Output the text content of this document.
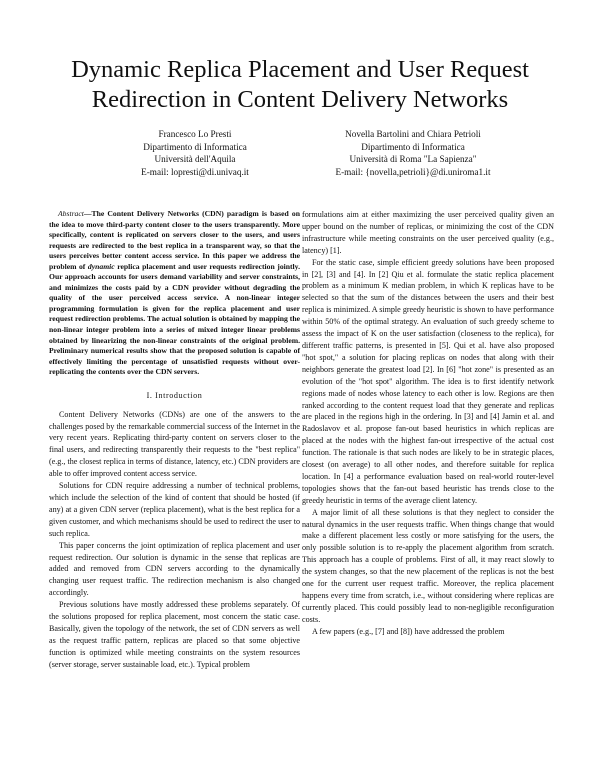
Dynamic Replica Placement and User Request Redirection in Content Delivery Networks
Francesco Lo Presti
Dipartimento di Informatica
Università dell'Aquila
E-mail: lopresti@di.univaq.it
Novella Bartolini and Chiara Petrioli
Dipartimento di Informatica
Università di Roma "La Sapienza"
E-mail: {novella,petrioli}@di.uniroma1.it

Abstract—The Content Delivery Networks (CDN) paradigm is based on the idea to move third-party content closer to the users transparently. More specifically, content is replicated on servers closer to the users, and users requests are redirected to the best replica in a transparent way, so that the users perceives better content access service. In this paper we address the problem of dynamic replica placement and user requests redirection jointly. Our approach accounts for users demand variability and server constraints, and minimizes the costs paid by a CDN provider without degrading the quality of the user perceived access service. A non-linear integer programming formulation is given for the replica placement and user request redirection problems. The actual solution is obtained by mapping the non-linear integer problem into a series of mixed integer linear problems obtained by linearizing the non-linear constraints of the original problem. Preliminary numerical results show that the proposed solution is capable of effectively limiting the percentage of unsatisfied requests without over-replicating the contents over the CDN servers.

I. Introduction

Content Delivery Networks (CDNs) are one of the answers to the challenges posed by the remarkable commercial success of the Internet in the very recent years. Replicating third-party content on servers closer to the final users, and redirecting transparently their requests to the "best replica" (e.g., the closest replica in terms of distance, latency, etc.) CDN providers are able to offer improved content access service.

Solutions for CDN require addressing a number of technical problems, which include the selection of the kind of content that should be hosted (if any) at a given CDN server (replica placement), what is the best replica for a given customer, and which mechanisms should be used to redirect the user to such replica.

This paper concerns the joint optimization of replica placement and user request redirection. Our solution is dynamic in the sense that replicas are added and removed from CDN servers according to the dynamically changing user request traffic. The redirection mechanism is also changed accordingly.

Previous solutions have mostly addressed these problems separately. Of the solutions proposed for replica placement, most concern the static case. Basically, given the topology of the network, the set of CDN servers as well as the request traffic pattern, replicas are placed so that some objective function is optimized while meeting constraints on the system resources (server storage, server sustainable load, etc.). Typical problem

formulations aim at either maximizing the user perceived quality given an upper bound on the number of replicas, or minimizing the cost of the CDN infrastructure while meeting constraints on the user perceived quality (e.g., latency) [1].

For the static case, simple efficient greedy solutions have been proposed in [2], [3] and [4]. In [2] Qiu et al. formulate the static replica placement problem as a minimum K median problem, in which K replicas have to be selected so that the sum of the distances between the users and their best replica is minimized. A simple greedy heuristic is shown to have performance within 50% of the optimal strategy. An evaluation of such greedy scheme to assess the impact of K on the user satisfaction (closeness to the replica), for different traffic patterns, is presented in [5]. Qui et al. have also proposed "hot spot," a solution for placing replicas on nodes that along with their neighbors generate the greatest load [2]. In [6] "hot zone" is presented as an evolution of the "hot spot" algorithm. The idea is to first identify network regions made of nodes whose latency to each other is low. Regions are then ranked according to the content request load that they generate and replicas are placed in the regions high in the ordering. In [3] and [4] Jamin et al. and Radoslavov et al. propose fan-out based heuristics in which replicas are placed at the nodes with the highest fan-out irrespective of the actual cost function. The rationale is that such nodes are likely to be in strategic places, closest (on average) to all other nodes, and therefore suitable for replica location. In [4] a performance evaluation based on real-world router-level topologies shows that the fan-out based heuristic has trends close to the greedy heuristic in terms of the average client latency.

A major limit of all these solutions is that they neglect to consider the natural dynamics in the user requests traffic. When things change that would make a different placement less costly or more satisfying for the users, the only possible solution is to re-apply the placement algorithm from scratch. This approach has a couple of problems. First of all, it may react slowly to the system changes, so that the new placement of the replicas is not the best one for the current user request traffic. Moreover, the replica placement happens every time from scratch, i.e., without considering where replicas are currently placed. This could possibly lead to non-negligible reconfiguration costs.

A few papers (e.g., [7] and [8]) have addressed the problem
